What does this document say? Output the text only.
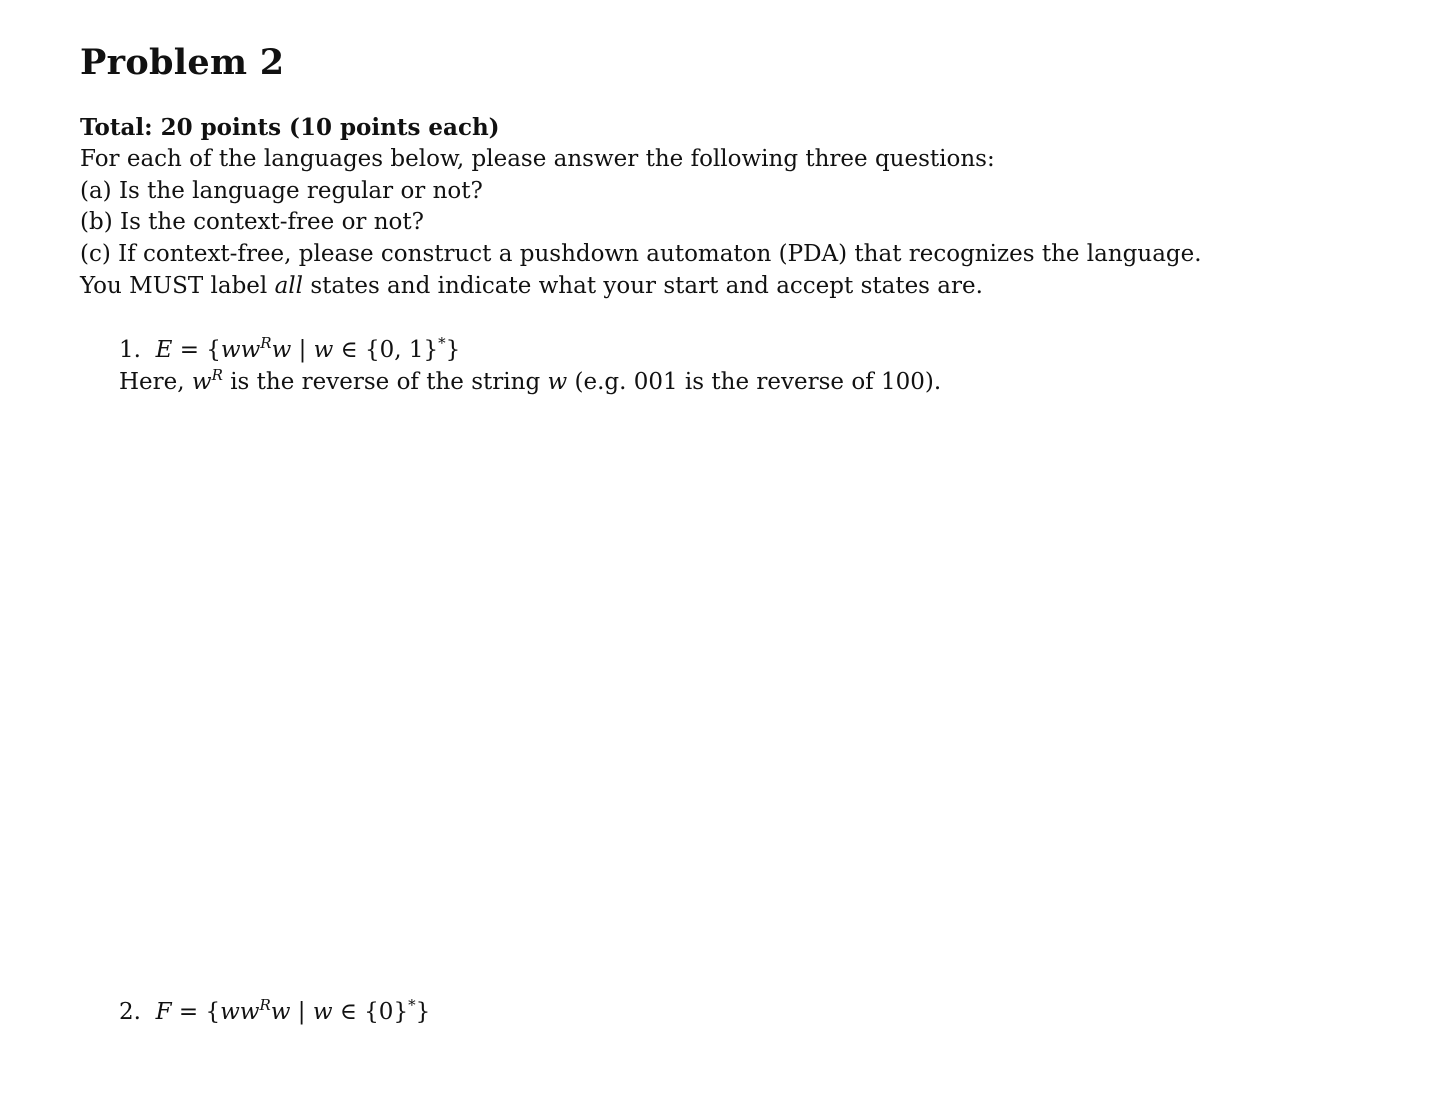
Problem 2
Total: 20 points (10 points each)
For each of the languages below, please answer the following three questions:
(a) Is the language regular or not?
(b) Is the context-free or not?
(c) If context-free, please construct a pushdown automaton (PDA) that recognizes the language.
You MUST label all states and indicate what your start and accept states are.
1. $E = \{ww^Rw$ | w ∈ {0, 1}*}
Here, $w^R$ is the reverse of the string w (e.g. 001 is the reverse of 100).
2. $F = \{ww^Rw$ | w ∈ {0}*}
